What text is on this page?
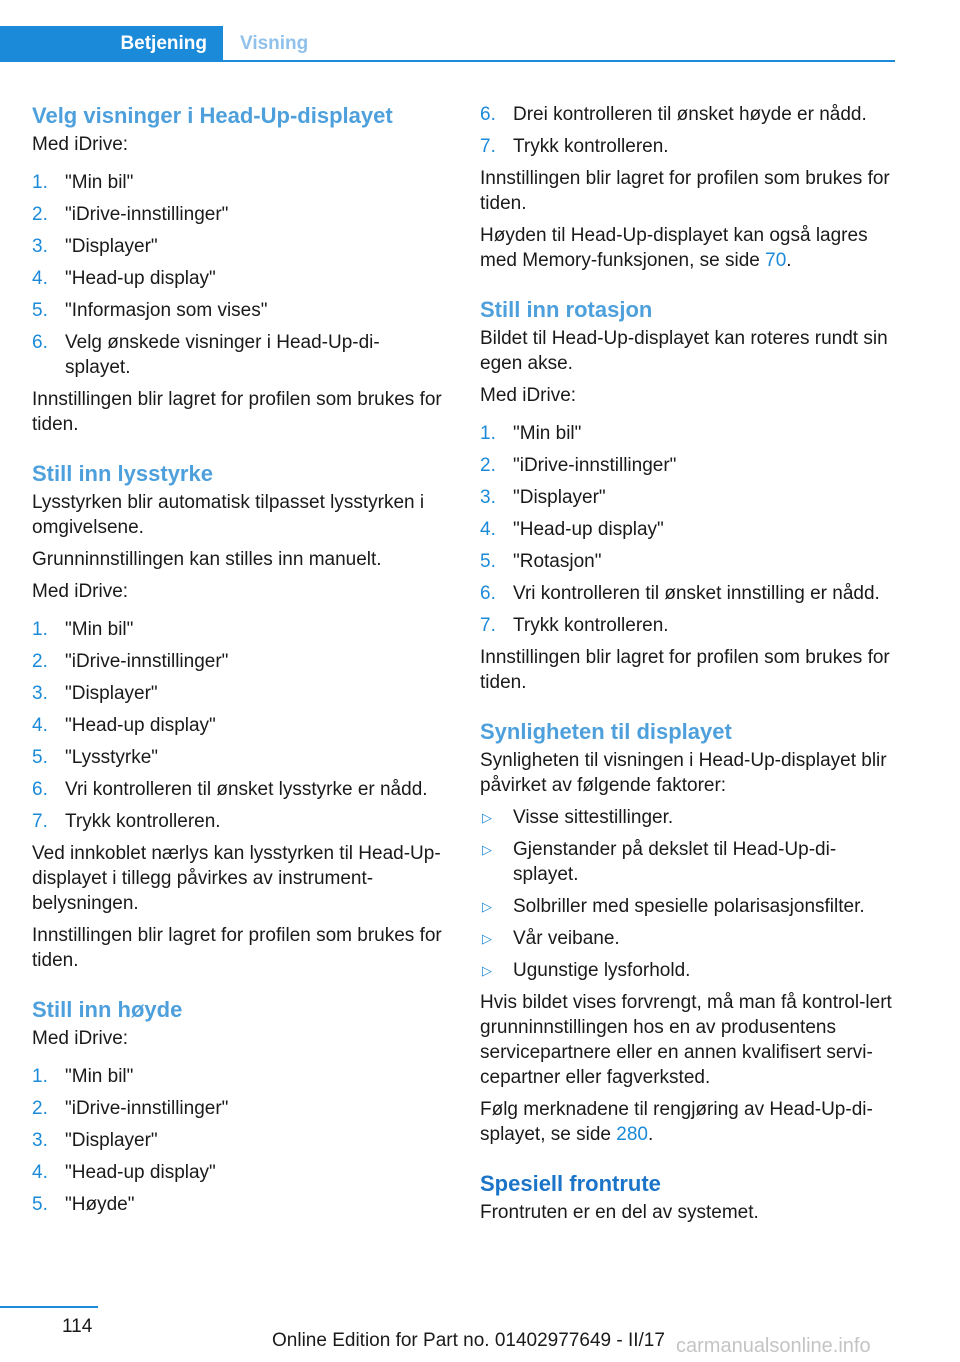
Betjening	Visning
Velg visninger i Head-Up-displayet

Med iDrive:

1. "Min bil"
2. "iDrive-innstillinger"
3. "Displayer"
4. "Head-up display"
5. "Informasjon som vises"
6. Velg ønskede visninger i Head-Up-di-
splayet.

Innstillingen blir lagret for profilen som brukes for tiden.

Still inn lysstyrke

Lysstyrken blir automatisk tilpasset lysstyrken i omgivelsene.

Grunninnstillingen kan stilles inn manuelt.

Med iDrive:

1. "Min bil"
2. "iDrive-innstillinger"
3. "Displayer"
4. "Head-up display"
5. "Lysstyrke"
6. Vri kontrolleren til ønsket lysstyrke er nådd.
7. Trykk kontrolleren.

Ved innkoblet nærlys kan lysstyrken til Head-Up-displayet i tillegg påvirkes av instrument-belysningen.

Innstillingen blir lagret for profilen som brukes for tiden.

Still inn høyde

Med iDrive:

1. "Min bil"
2. "iDrive-innstillinger"
3. "Displayer"
4. "Head-up display"
5. "Høyde"
6. Drei kontrolleren til ønsket høyde er nådd.
7. Trykk kontrolleren.

Innstillingen blir lagret for profilen som brukes for tiden.

Høyden til Head-Up-displayet kan også lagres med Memory-funksjonen, se side 70.

Still inn rotasjon

Bildet til Head-Up-displayet kan roteres rundt sin egen akse.

Med iDrive:

1. "Min bil"
2. "iDrive-innstillinger"
3. "Displayer"
4. "Head-up display"
5. "Rotasjon"
6. Vri kontrolleren til ønsket innstilling er nådd.
7. Trykk kontrolleren.

Innstillingen blir lagret for profilen som brukes for tiden.

Synligheten til displayet

Synligheten til visningen i Head-Up-displayet blir påvirket av følgende faktorer:

▷ Visse sittestillinger.
▷ Gjenstander på dekslet til Head-Up-di-
splayet.
▷ Solbriller med spesielle polarisasjonsfilter.
▷ Vår veibane.
▷ Ugunstige lysforhold.

Hvis bildet vises forvrengt, må man få kontrol-lert grunninnstillingen hos en av produsentens servicepartnere eller en annen kvalifisert servi-cepartner eller fagverksted.

Følg merknadene til rengjøring av Head-Up-di-splayet, se side 280.

Spesiell frontrute

Frontruten er en del av systemet.

114
Online Edition for Part no. 01402977649 - II/17 carmanualsonline.info
